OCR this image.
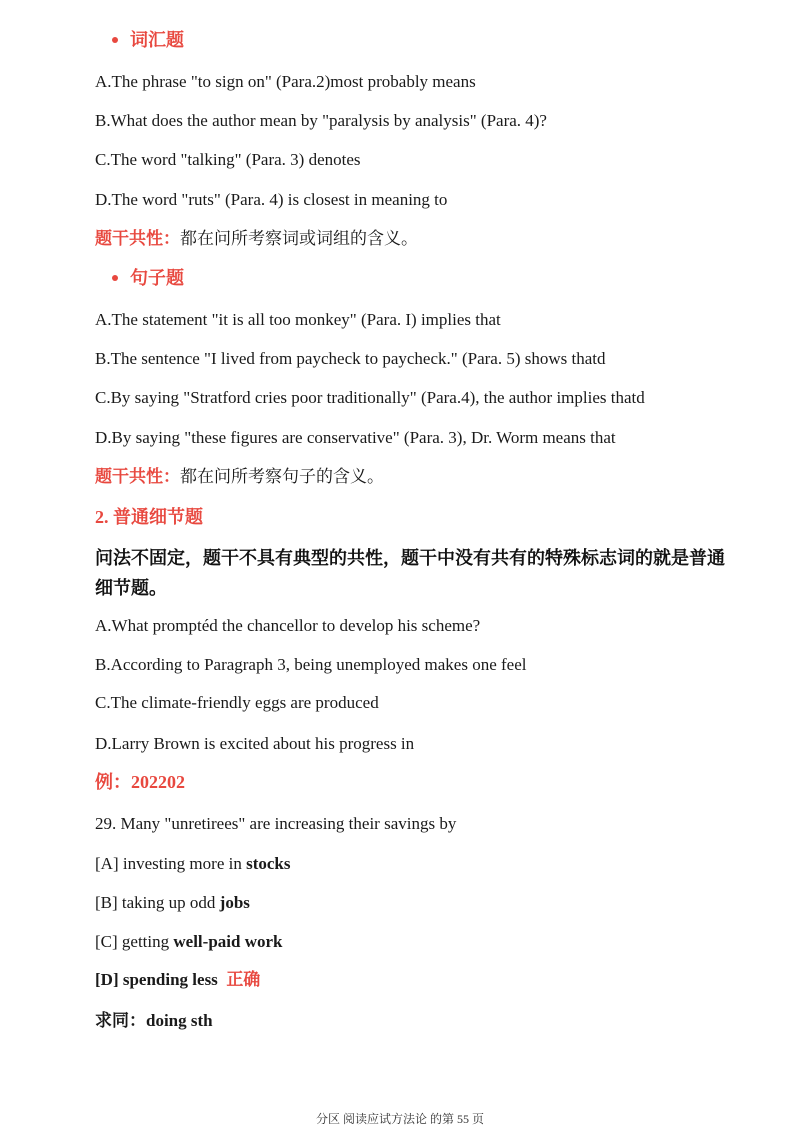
词汇题
A.The phrase "to sign on" (Para.2)most probably means
B.What does the author mean by "paralysis by analysis" (Para. 4)?
C.The word "talking" (Para. 3) denotes
D.The word "ruts" (Para. 4) is closest in meaning to
题干共性：都在问所考察词或词组的含义。
句子题
A.The statement "it is all too monkey" (Para. I) implies that
B.The sentence "I lived from paycheck to paycheck." (Para. 5) shows thatd
C.By saying "Stratford cries poor traditionally" (Para.4), the author implies thatd
D.By saying "these figures are conservative" (Para. 3), Dr. Worm means that
题干共性：都在问所考察句子的含义。
2. 普通细节题
问法不固定，题干不具有典型的共性，题干中没有共有的特殊标志词的就是普通细节题。
A.What promptéd the chancellor to develop his scheme?
B.According to Paragraph 3, being unemployed makes one feel
C.The climate-friendly eggs are produced
D.Larry Brown is excited about his progress in
例：202202
29. Many "unretirees" are increasing their savings by
[A] investing more in stocks
[B] taking up odd jobs
[C] getting well-paid work
[D] spending less 正确
求同：doing sth
分区 阅读应试方法论 的第 55 页
